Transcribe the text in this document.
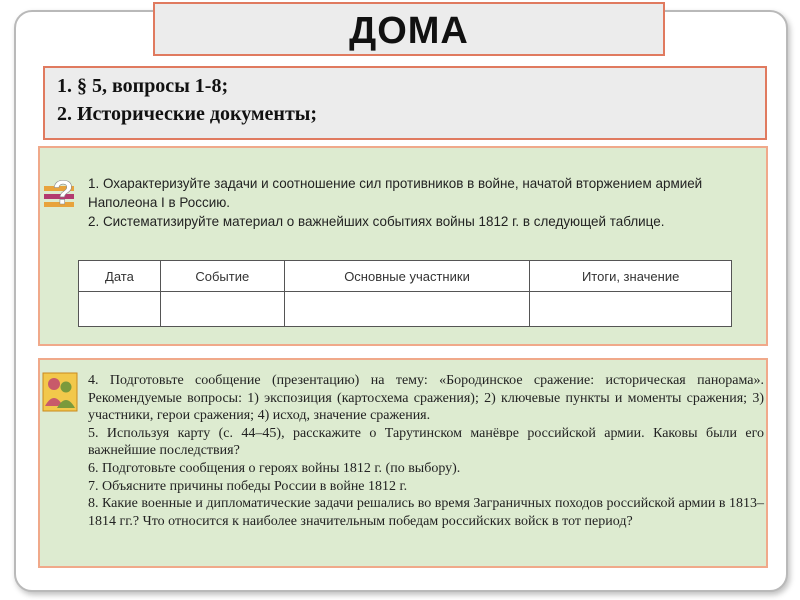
ДОМА
1. § 5, вопросы 1-8;
2. Исторические документы;
? 1. Охарактеризуйте задачи и соотношение сил противников в войне, начатой вторжением армией Наполеона I в Россию.

2. Систематизируйте материал о важнейших событиях войны 1812 г. в следующей таблице.

Дата	Событие	Основные участники	Итоги, значение

4. Подготовьте сообщение (презентацию) на тему: «Бородинское сражение: историческая панорама». Рекомендуемые вопросы: 1) экспозиция (картосхема сражения); 2) ключевые пункты и моменты сражения; 3) участники, герои сражения; 4) исход, значение сражения.

5. Используя карту (с. 44–45), расскажите о Тарутинском манёвре российской армии. Каковы были его важнейшие последствия?

6. Подготовьте сообщения о героях войны 1812 г. (по выбору).

7. Объясните причины победы России в войне 1812 г.

8. Какие военные и дипломатические задачи решались во время Заграничных походов российской армии в 1813–1814 гг.? Что относится к наиболее значительным победам российских войск в тот период?
